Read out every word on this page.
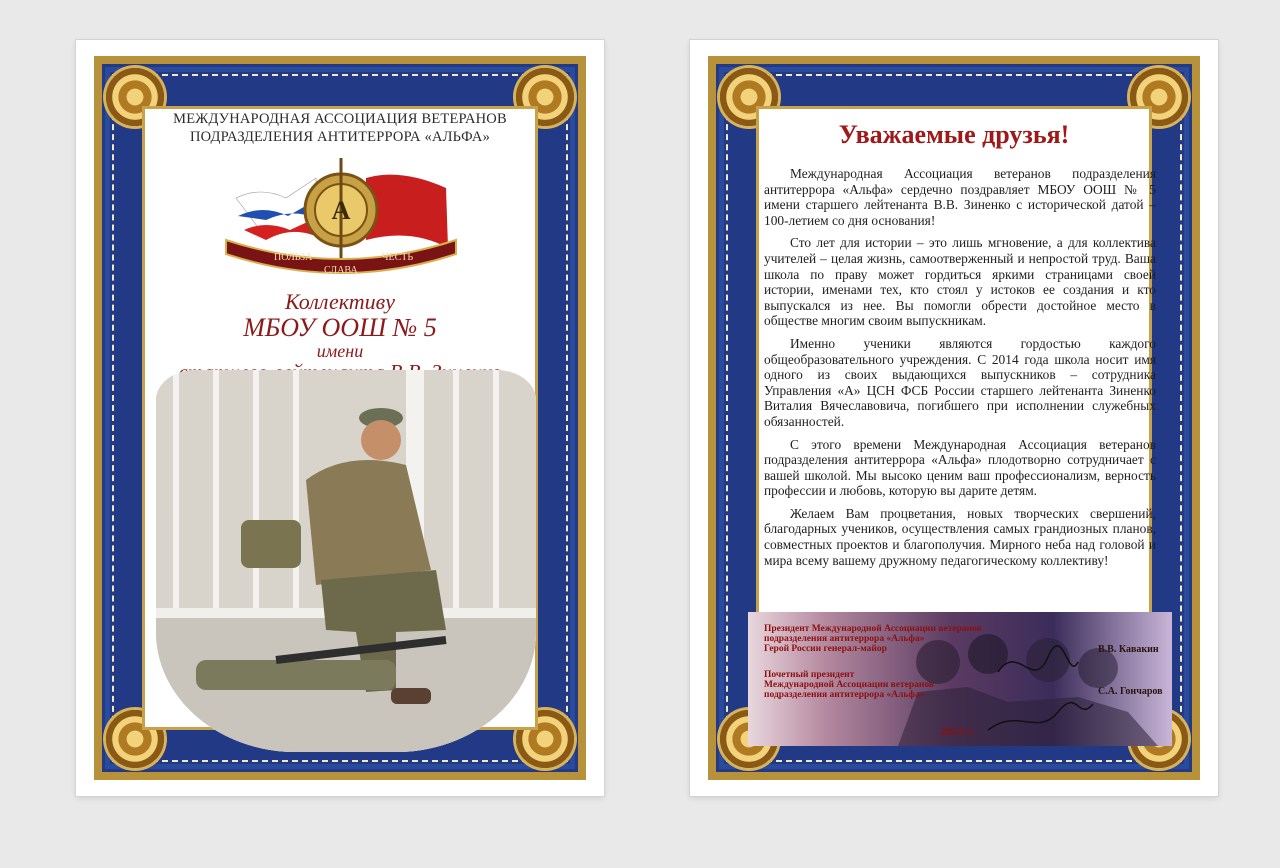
МЕЖДУНАРОДНАЯ АССОЦИАЦИЯ ВЕТЕРАНОВ
ПОДРАЗДЕЛЕНИЯ АНТИТЕРРОРА «АЛЬФА»
А
ПОЛЬЗА
СЛАВА
ЧЕСТЬ
Коллективу
МБОУ ООШ № 5
имени
Уважаемые друзья!

Международная Ассоциация ветеранов подразделения антитеррора «Альфа» сердечно поздравляет МБОУ ООШ № 5 имени старшего лейтенанта В.В. Зиненко с исторической датой – 100-летием со дня основания!

Сто лет для истории – это лишь мгновение, а для коллектива учителей – целая жизнь, самоотверженный и непростой труд. Ваша школа по праву может гордиться яркими страницами своей истории, именами тех, кто стоял у истоков ее создания и кто выпускался из нее. Вы помогли обрести достойное место в обществе многим своим выпускникам.

Именно ученики являются гордостью каждого общеобразовательного учреждения. С 2014 года школа носит имя одного из своих выдающихся выпускников – сотрудника Управления «А» ЦСН ФСБ России старшего лейтенанта Зиненко Виталия Вячеславовича, погибшего при исполнении служебных обязанностей.

С этого времени Международная Ассоциация ветеранов подразделения антитеррора «Альфа» плодотворно сотрудничает с вашей школой. Мы высоко ценим ваш профессионализм, верность профессии и любовь, которую вы дарите детям.

Желаем Вам процветания, новых творческих свершений, благодарных учеников, осуществления самых грандиозных планов, совместных проектов и благополучия. Мирного неба над головой и мира всему вашему дружному педагогическому коллективу!

Президент Международной Ассоциации ветеранов
подразделения антитеррора «Альфа»
Герой России генерал-майор	В.В. Кавакин
Почетный президент
Международной Ассоциации ветеранов
подразделения антитеррора «Альфа»	С.А. Гончаров
2023 г.
